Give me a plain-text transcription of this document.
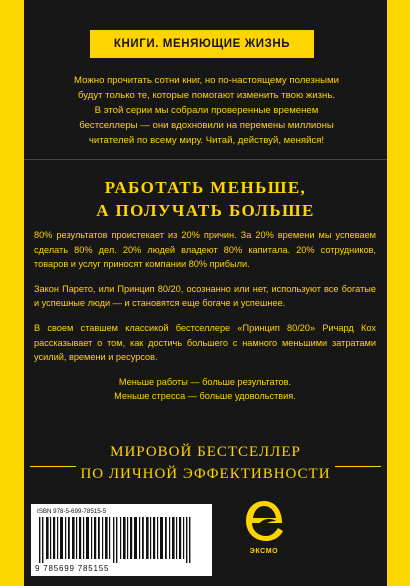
КНИГИ. МЕНЯЮЩИЕ ЖИЗНЬ
Можно прочитать сотни книг, но по-настоящему полезными
будут только те, которые помогают изменить твою жизнь.
В этой серии мы собрали проверенные временем
бестселлеры — они вдохновили на перемены миллионы
читателей по всему миру. Читай, действуй, меняйся!
РАБОТАТЬ МЕНЬШЕ,
А ПОЛУЧАТЬ БОЛЬШЕ

80% результатов проистекает из 20% причин. За 20% времени мы успеваем сделать 80% дел. 20% людей владеют 80% капитала. 20% сотрудников, товаров и услуг приносят компании 80% прибыли.

Закон Парето, или Принцип 80/20, осознанно или нет, используют все богатые и успешные люди — и становятся еще богаче и успешнее.

В своем ставшем классикой бестселлере «Принцип 80/20» Ричард Кох рассказывает о том, как достичь большего с намного меньшими затратами усилий, времени и ресурсов.

Меньше работы — больше результатов.

Меньше стресса — больше удовольствия.

МИРОВОЙ БЕСТСЕЛЛЕР
ПО ЛИЧНОЙ ЭФФЕКТИВНОСТИ
ISBN 978-5-699-78515-5
9 785699 785155
ЭКСМО
